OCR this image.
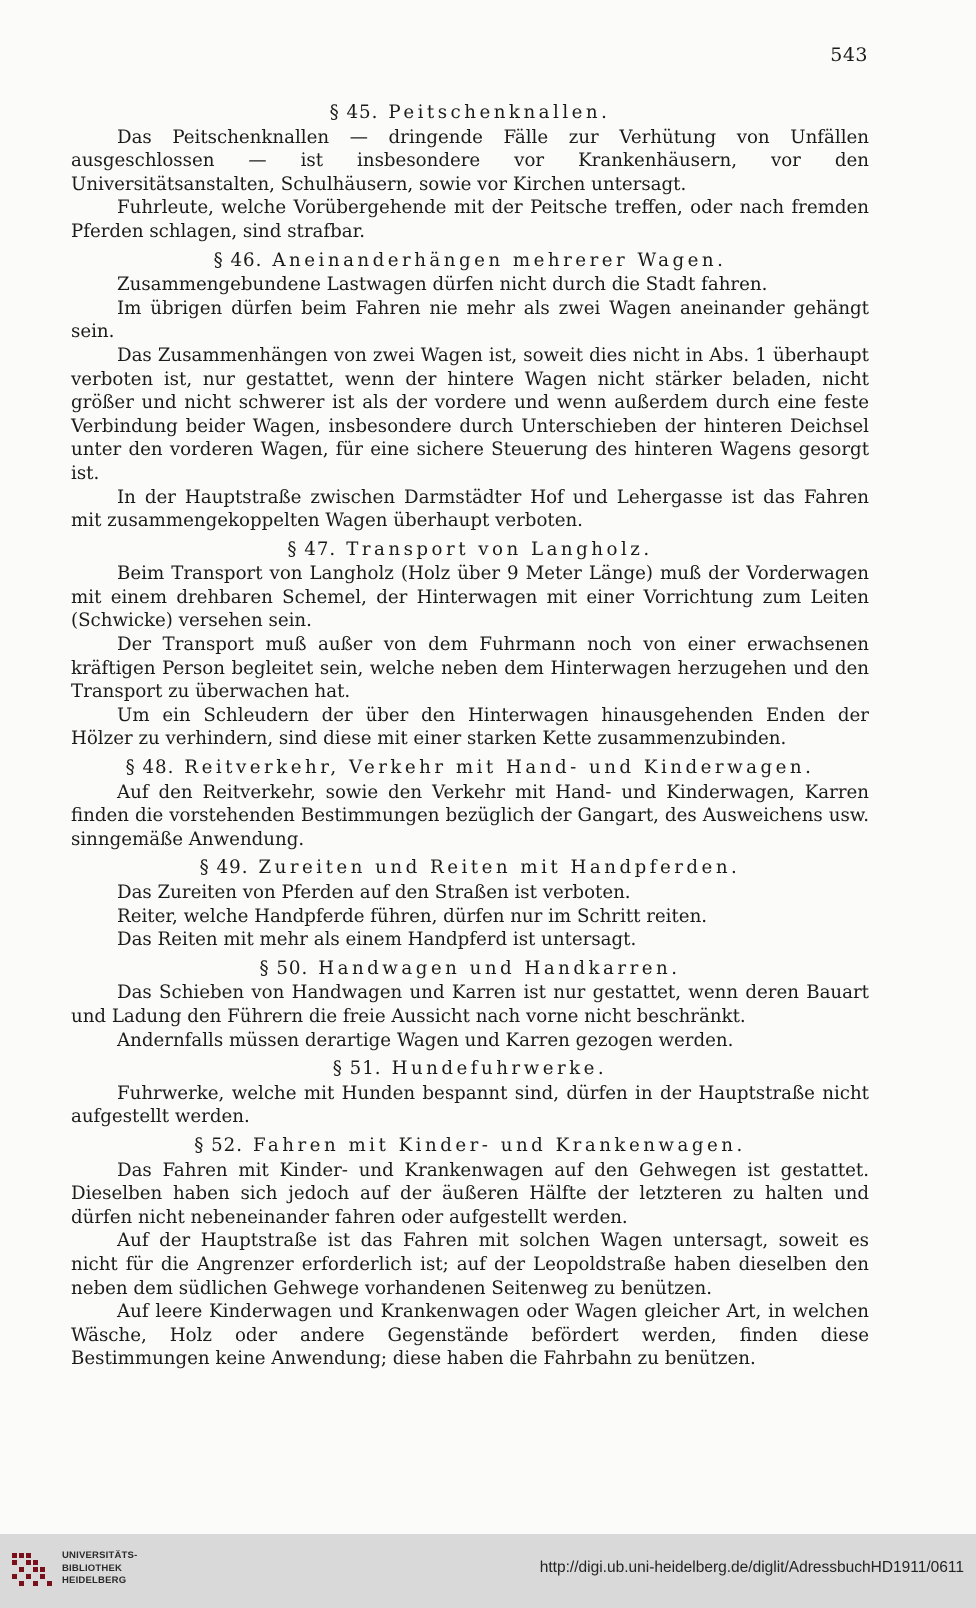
543
§ 45. Peitschenknallen.

Das Peitschenknallen — dringende Fälle zur Verhütung von Unfällen ausgeschlossen — ist insbesondere vor Krankenhäusern, vor den Universitätsanstalten, Schulhäusern, sowie vor Kirchen untersagt.

Fuhrleute, welche Vorübergehende mit der Peitsche treffen, oder nach fremden Pferden schlagen, sind strafbar.

§ 46. Aneinanderhängen mehrerer Wagen.

Zusammengebundene Lastwagen dürfen nicht durch die Stadt fahren.

Im übrigen dürfen beim Fahren nie mehr als zwei Wagen aneinander gehängt sein.

Das Zusammenhängen von zwei Wagen ist, soweit dies nicht in Abs. 1 überhaupt verboten ist, nur gestattet, wenn der hintere Wagen nicht stärker beladen, nicht größer und nicht schwerer ist als der vordere und wenn außerdem durch eine feste Verbindung beider Wagen, insbesondere durch Unterschieben der hinteren Deichsel unter den vorderen Wagen, für eine sichere Steuerung des hinteren Wagens gesorgt ist.

In der Hauptstraße zwischen Darmstädter Hof und Lehergasse ist das Fahren mit zusammengekoppelten Wagen überhaupt verboten.

§ 47. Transport von Langholz.

Beim Transport von Langholz (Holz über 9 Meter Länge) muß der Vorderwagen mit einem drehbaren Schemel, der Hinterwagen mit einer Vorrichtung zum Leiten (Schwicke) versehen sein.

Der Transport muß außer von dem Fuhrmann noch von einer erwachsenen kräftigen Person begleitet sein, welche neben dem Hinterwagen herzugehen und den Transport zu überwachen hat.

Um ein Schleudern der über den Hinterwagen hinausgehenden Enden der Hölzer zu verhindern, sind diese mit einer starken Kette zusammenzubinden.

§ 48. Reitverkehr, Verkehr mit Hand- und Kinderwagen.

Auf den Reitverkehr, sowie den Verkehr mit Hand- und Kinderwagen, Karren finden die vorstehenden Bestimmungen bezüglich der Gangart, des Ausweichens usw. sinngemäße Anwendung.

§ 49. Zureiten und Reiten mit Handpferden.

Das Zureiten von Pferden auf den Straßen ist verboten.

Reiter, welche Handpferde führen, dürfen nur im Schritt reiten.

Das Reiten mit mehr als einem Handpferd ist untersagt.

§ 50. Handwagen und Handkarren.

Das Schieben von Handwagen und Karren ist nur gestattet, wenn deren Bauart und Ladung den Führern die freie Aussicht nach vorne nicht beschränkt.

Andernfalls müssen derartige Wagen und Karren gezogen werden.

§ 51. Hundefuhrwerke.

Fuhrwerke, welche mit Hunden bespannt sind, dürfen in der Hauptstraße nicht aufgestellt werden.

§ 52. Fahren mit Kinder- und Krankenwagen.

Das Fahren mit Kinder- und Krankenwagen auf den Gehwegen ist gestattet. Dieselben haben sich jedoch auf der äußeren Hälfte der letzteren zu halten und dürfen nicht nebeneinander fahren oder aufgestellt werden.

Auf der Hauptstraße ist das Fahren mit solchen Wagen untersagt, soweit es nicht für die Angrenzer erforderlich ist; auf der Leopoldstraße haben dieselben den neben dem südlichen Gehwege vorhandenen Seitenweg zu benützen.

Auf leere Kinderwagen und Krankenwagen oder Wagen gleicher Art, in welchen Wäsche, Holz oder andere Gegenstände befördert werden, finden diese Bestimmungen keine Anwendung; diese haben die Fahrbahn zu benützen.

UNIVERSITÄTS-
BIBLIOTHEK
HEIDELBERG
http://digi.ub.uni-heidelberg.de/diglit/AdressbuchHD1911/0611
